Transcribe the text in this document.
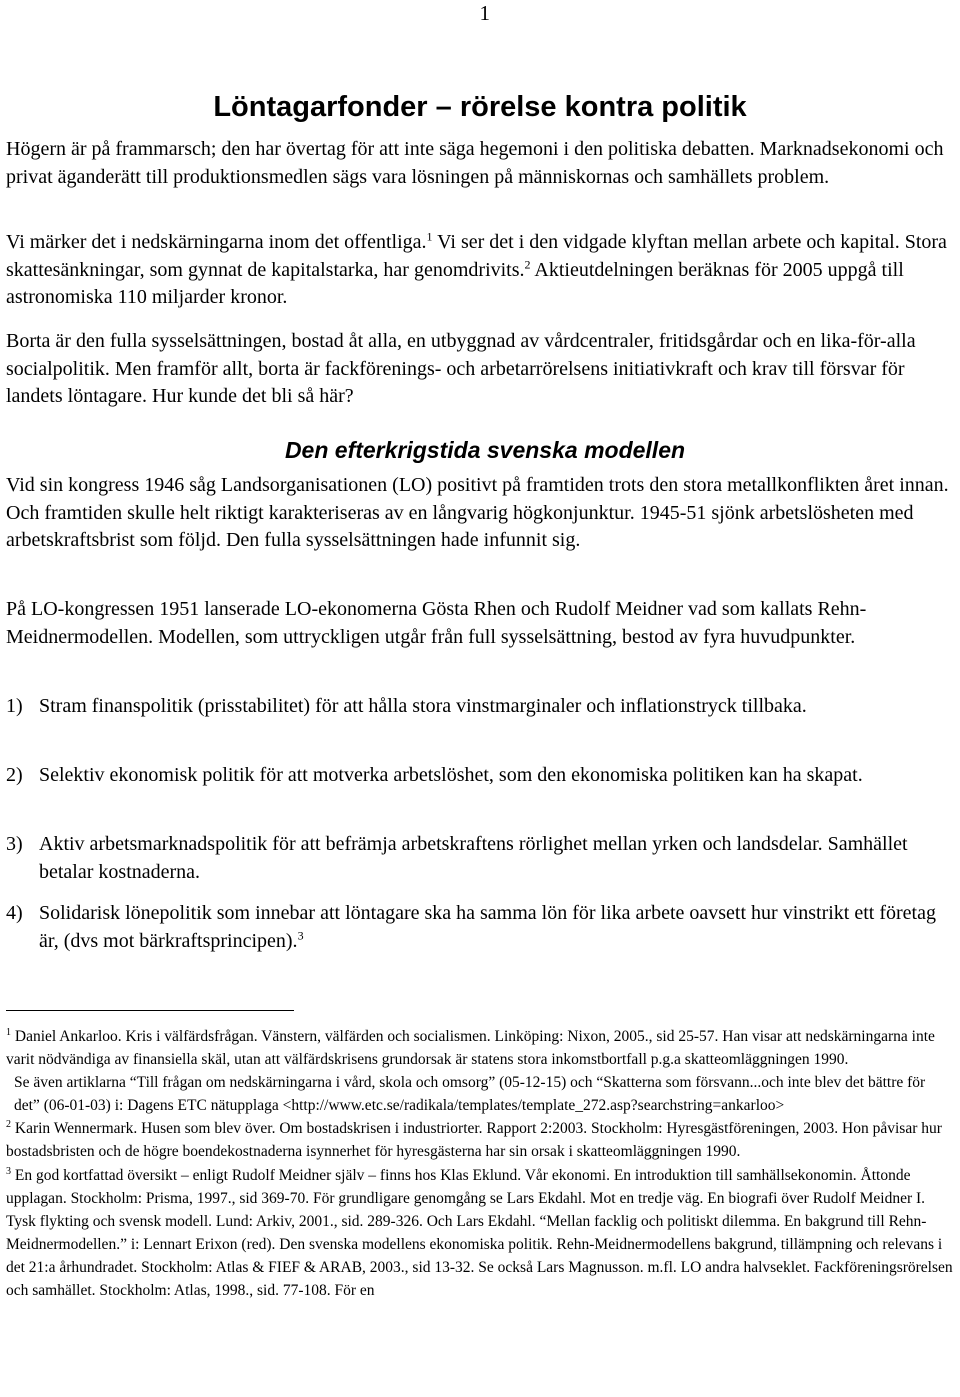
1
Löntagarfonder – rörelse kontra politik

Högern är på frammarsch; den har övertag för att inte säga hegemoni i den politiska debatten. Marknadsekonomi och privat äganderätt till produktionsmedlen sägs vara lösningen på människornas och samhällets problem.

Vi märker det i nedskärningarna inom det offentliga.$^1$ Vi ser det i den vidgade klyftan mellan arbete och kapital. Stora skattesänkningar, som gynnat de kapitalstarka, har genomdrivits.$^2$ Aktieutdelningen beräknas för 2005 uppgå till astronomiska 110 miljarder kronor.

Borta är den fulla sysselsättningen, bostad åt alla, en utbyggnad av vårdcentraler, fritidsgårdar och en lika-för-alla socialpolitik. Men framför allt, borta är fackförenings- och arbetarrörelsens initiativkraft och krav till försvar för landets löntagare. Hur kunde det bli så här?

Den efterkrigstida svenska modellen

Vid sin kongress 1946 såg Landsorganisationen (LO) positivt på framtiden trots den stora metallkonflikten året innan. Och framtiden skulle helt riktigt karakteriseras av en långvarig högkonjunktur. 1945-51 sjönk arbetslösheten med arbetskraftsbrist som följd. Den fulla sysselsättningen hade infunnit sig.

På LO-kongressen 1951 lanserade LO-ekonomerna Gösta Rhen och Rudolf Meidner vad som kallats Rehn-Meidnermodellen. Modellen, som uttryckligen utgår från full sysselsättning, bestod av fyra huvudpunkter.

1) Stram finanspolitik (prisstabilitet) för att hålla stora vinstmarginaler och inflationstryck tillbaka.
2) Selektiv ekonomisk politik för att motverka arbetslöshet, som den ekonomiska politiken kan ha skapat.
3) Aktiv arbetsmarknadspolitik för att befrämja arbetskraftens rörlighet mellan yrken och landsdelar. Samhället betalar kostnaderna.
4) Solidarisk lönepolitik som innebar att löntagare ska ha samma lön för lika arbete oavsett hur vinstrikt ett företag är, (dvs mot bärkraftsprincipen).$^3$

$^1$ Daniel Ankarloo. Kris i välfärdsfrågan. Vänstern, välfärden och socialismen. Linköping: Nixon, 2005., sid 25-57. Han visar att nedskärningarna inte varit nödvändiga av finansiella skäl, utan att välfärdskrisens grundorsak är statens stora inkomstbortfall p.g.a skatteomläggningen 1990.

Se även artiklarna “Till frågan om nedskärningarna i vård, skola och omsorg” (05-12-15) och “Skatterna som försvann...och inte blev det bättre för det” (06-01-03) i: Dagens ETC nätupplaga <http://www.etc.se/radikala/templates/template_272.asp?searchstring=ankarloo>

$^2$ Karin Wennermark. Husen som blev över. Om bostadskrisen i industriorter. Rapport 2:2003. Stockholm: Hyresgästföreningen, 2003. Hon påvisar hur bostadsbristen och de högre boendekostnaderna isynnerhet för hyresgästerna har sin orsak i skatteomläggningen 1990.

$^3$ En god kortfattad översikt – enligt Rudolf Meidner själv – finns hos Klas Eklund. Vår ekonomi. En introduktion till samhällsekonomin. Åttonde upplagan. Stockholm: Prisma, 1997., sid 369-70. För grundligare genomgång se Lars Ekdahl. Mot en tredje väg. En biografi över Rudolf Meidner I. Tysk flykting och svensk modell. Lund: Arkiv, 2001., sid. 289-326. Och Lars Ekdahl. “Mellan facklig och politiskt dilemma. En bakgrund till Rehn-Meidnermodellen.” i: Lennart Erixon (red). Den svenska modellens ekonomiska politik. Rehn-Meidnermodellens bakgrund, tillämpning och relevans i det 21:a århundradet. Stockholm: Atlas & FIEF & ARAB, 2003., sid 13-32. Se också Lars Magnusson. m.fl. LO andra halvseklet. Fackföreningsrörelsen och samhället. Stockholm: Atlas, 1998., sid. 77-108. För en
